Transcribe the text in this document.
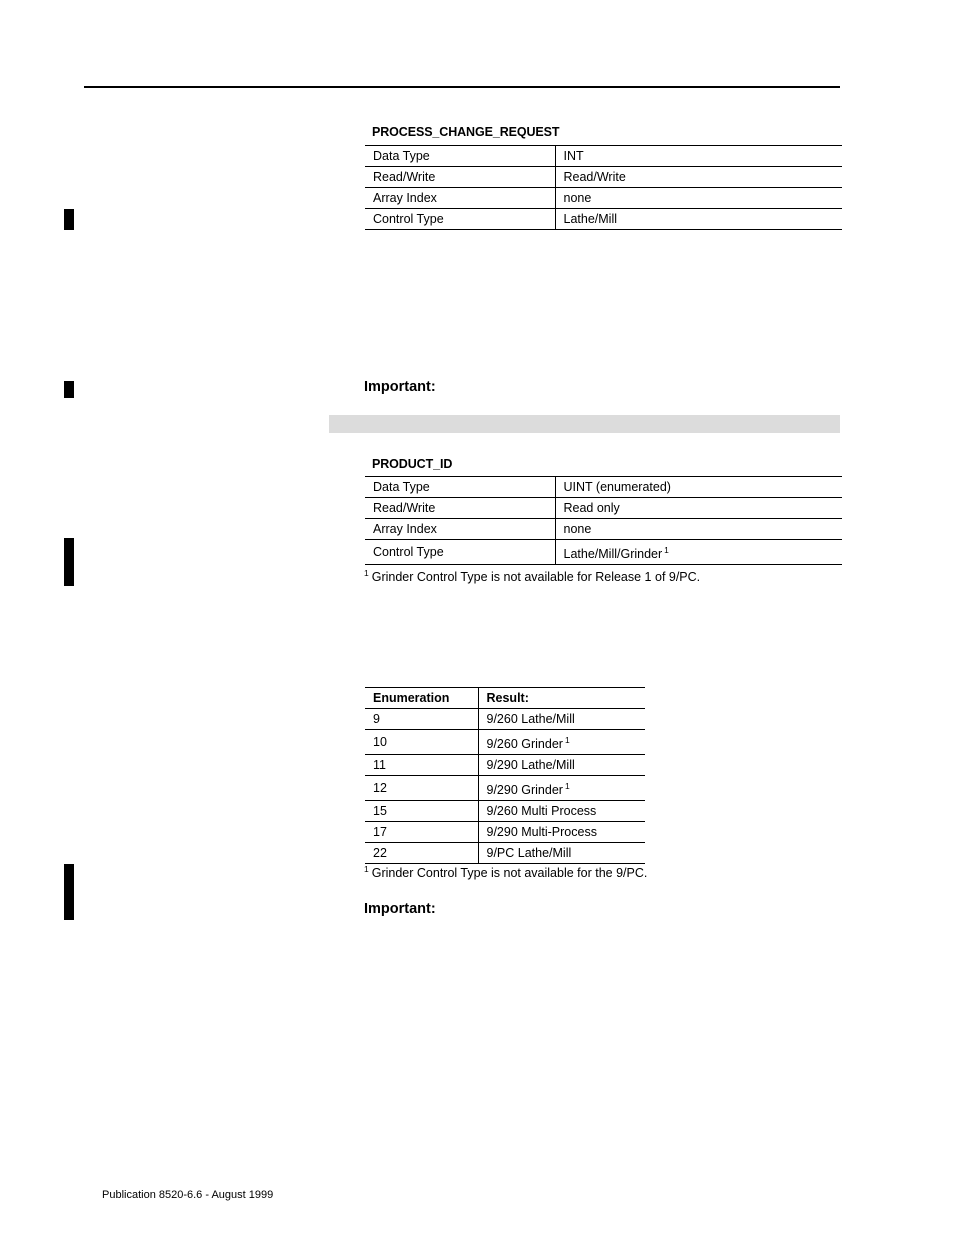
PROCESS_CHANGE_REQUEST
Data Type	INT
Read/Write	Read/Write
Array Index	none
Control Type	Lathe/Mill
Important:
PRODUCT_ID
Data Type	UINT (enumerated)
Read/Write	Read only
Array Index	none
Control Type	Lathe/Mill/Grinder $^1$
$^1$ Grinder Control Type is not available for Release 1 of 9/PC.
Enumeration	Result:
9	9/260 Lathe/Mill
10	9/260 Grinder $^1$
11	9/290 Lathe/Mill
12	9/290 Grinder $^1$
15	9/260 Multi Process
17	9/290 Multi-Process
22	9/PC Lathe/Mill
$^1$ Grinder Control Type is not available for the 9/PC.
Important:
Publication 8520-6.6 - August 1999
